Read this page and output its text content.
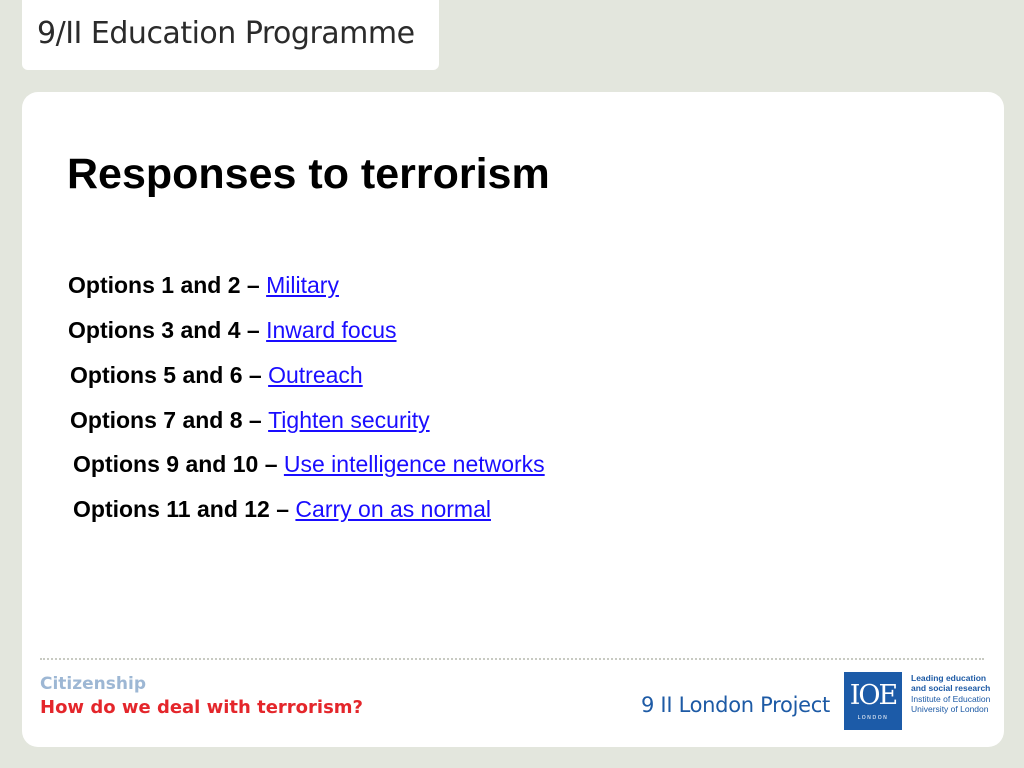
9/II Education Programme
Responses to terrorism
Options 1 and 2 – Military
Options 3 and 4 – Inward focus
Options 5 and 6 – Outreach
Options 7 and 8 – Tighten security
Options 9 and 10 – Use intelligence networks
Options 11 and 12 – Carry on as normal
Citizenship
How do we deal with terrorism?	9 II London Project IOE
LONDON
Leading education
and social research
Institute of Education
University of London
